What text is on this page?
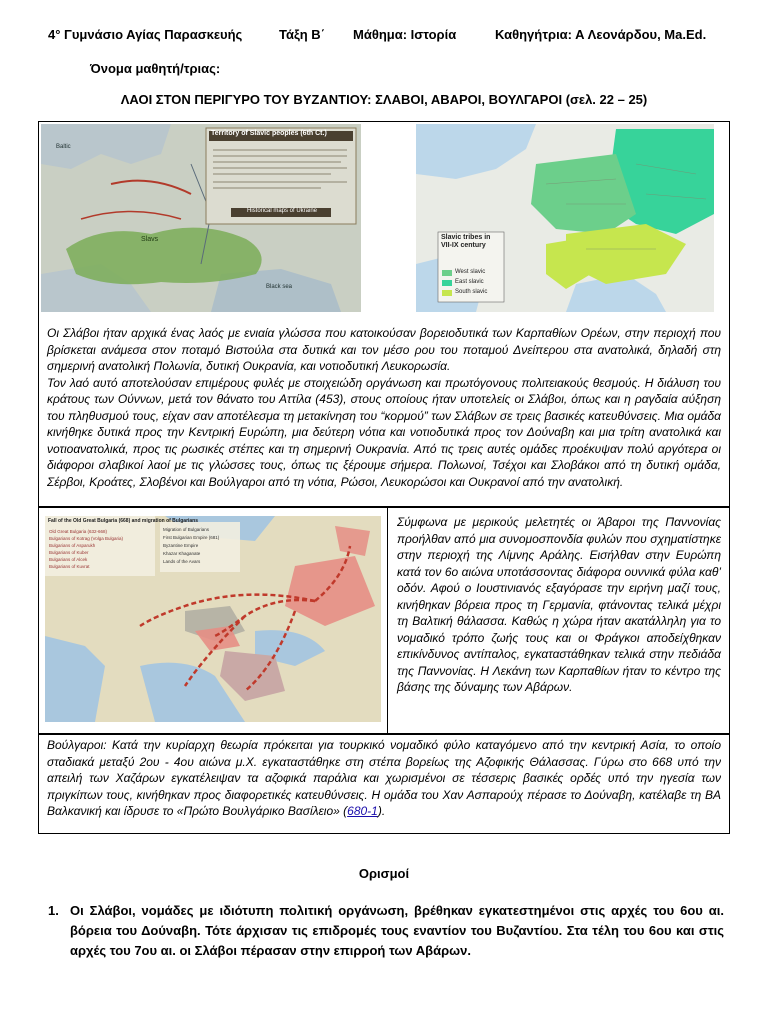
4° Γυμνάσιο Αγίας Παρασκευής	Τάξη Β΄ Μάθημα: Ιστορία	Καθηγήτρια: Α Λεονάρδου, Ma.Ed.
Όνομα μαθητή/τριας:
ΛΑΟΙ ΣΤΟΝ ΠΕΡΙΓΥΡΟ ΤΟΥ ΒΥΖΑΝΤΙΟΥ: ΣΛΑΒΟΙ, ΑΒΑΡΟΙ, ΒΟΥΛΓΑΡΟΙ (σελ. 22 – 25)
Territory of Slavic peoples (6th Ct.)
Historical maps of Ukraine
Slavs
Black sea
Baltic
Slavic tribes in VII-IX century
West slavic
East slavic
South slavic

Οι Σλάβοι ήταν αρχικά ένας λαός με ενιαία γλώσσα που κατοικούσαν βορειοδυτικά των Καρπαθίων Ορέων, στην περιοχή που βρίσκεται ανάμεσα στον ποταμό Βιστούλα στα δυτικά και τον μέσο ρου του ποταμού Δνείπερου στα ανατολικά, δηλαδή στη σημερινή ανατολική Πολωνία, δυτική Ουκρανία, και νοτιοδυτική Λευκορωσία.

Τον λαό αυτό αποτελούσαν επιμέρους φυλές με στοιχειώδη οργάνωση και πρωτόγονους πολιτειακούς θεσμούς. Η διάλυση του κράτους των Ούννων, μετά τον θάνατο του Αττίλα (453), στους οποίους ήταν υποτελείς οι Σλάβοι, όπως και η ραγδαία αύξηση του πληθυσμού τους, είχαν σαν αποτέλεσμα τη μετακίνηση του “κορμού” των Σλάβων σε τρεις βασικές κατευθύνσεις. Μια ομάδα κινήθηκε δυτικά προς την Κεντρική Ευρώπη, μια δεύτερη νότια και νοτιοδυτικά προς τον Δούναβη και μια τρίτη ανατολικά και νοτιοανατολικά, προς τις ρωσικές στέπες και τη σημερινή Ουκρανία. Από τις τρεις αυτές ομάδες προέκυψαν πολύ αργότερα οι διάφοροι σλαβικοί λαοί με τις γλώσσες τους, όπως τις ξέρουμε σήμερα. Πολωνοί, Τσέχοι και Σλοβάκοι από τη δυτική ομάδα, Σέρβοι, Κροάτες, Σλοβένοι και Βούλγαροι από τη νότια, Ρώσοι, Λευκορώσοι και Ουκρανοί από την ανατολική.

Fall of the Old Great Bulgaria (668) and migration of Bulgarians
Old Great Bulgaria (632-668)
Bulgarians of Kotrag (Volga Bulgaria)
Bulgarians of Asparukh
Bulgarians of Kuber
Bulgarians of Alcek
Bulgarians of Kuvrat
Migration of Bulgarians
First Bulgarian Empire (681)
Byzantine Empire
Khazar Khaganate
Lands of the Avars

Σύμφωνα με μερικούς μελετητές οι Άβαροι της Παννονίας προήλθαν από μια συνομοσπονδία φυλών που σχηματίστηκε στην περιοχή της Λίμνης Αράλης. Εισήλθαν στην Ευρώπη κατά τον 6ο αιώνα υποτάσσοντας διάφορα ουννικά φύλα καθ’ οδόν. Αφού ο Ιουστινιανός εξαγόρασε την ειρήνη μαζί τους, κινήθηκαν βόρεια προς τη Γερμανία, φτάνοντας τελικά μέχρι τη Βαλτική θάλασσα. Καθώς η χώρα ήταν ακατάλληλη για το νομαδικό τρόπο ζωής τους και οι Φράγκοι αποδείχθηκαν επικίνδυνος αντίπαλος, εγκαταστάθηκαν τελικά στην πεδιάδα της Παννονίας. Η Λεκάνη των Καρπαθίων ήταν το κέντρο της βάσης της δύναμης των Αβάρων.

Βούλγαροι: Κατά την κυρίαρχη θεωρία πρόκειται για τουρκικό νομαδικό φύλο καταγόμενο από την κεντρική Ασία, το οποίο σταδιακά μεταξύ 2ου - 4ου αιώνα μ.Χ. εγκαταστάθηκε στη στέπα βορείως της Αζοφικής Θάλασσας. Γύρω στο 668 υπό την απειλή των Χαζάρων εγκατέλειψαν τα αζοφικά παράλια και χωρισμένοι σε τέσσερις βασικές ορδές υπό την ηγεσία των πριγκίπων τους, κινήθηκαν προς διαφορετικές κατευθύνσεις. Η ομάδα του Χαν Ασπαρούχ πέρασε το Δούναβη, κατέλαβε τη ΒΑ Βαλκανική και ίδρυσε το «Πρώτο Βουλγάρικο Βασίλειο» (680-1).

Ορισμοί
1. Οι Σλάβοι, νομάδες με ιδιότυπη πολιτική οργάνωση, βρέθηκαν εγκατεστημένοι στις αρχές του 6ου αι. βόρεια του Δούναβη. Τότε άρχισαν τις επιδρομές τους εναντίον του Βυζαντίου. Στα τέλη του 6ου και στις αρχές του 7ου αι. οι Σλάβοι πέρασαν στην επιρροή των Αβάρων.
